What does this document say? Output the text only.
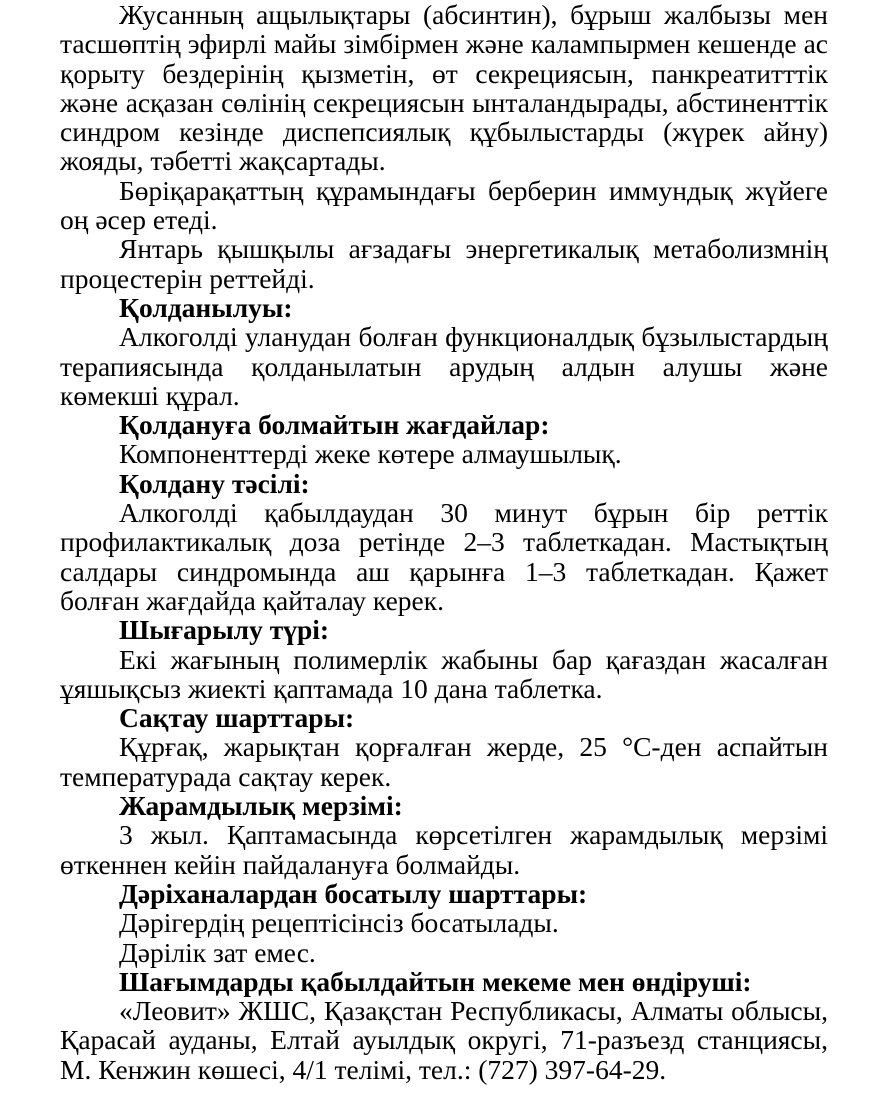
Жусанның ащылықтары (абсинтин), бұрыш жалбызы мен тасшөптің эфирлі майы зімбірмен және калампырмен кешенде ас қорыту бездерінің қызметін, өт секрециясын, панкреатитттік және асқазан сөлінің секрециясын ынталандырады, абстиненттік синдром кезінде диспепсиялық құбылыстарды (жүрек айну) жояды, тәбетті жақсартады.

Бөріқарақаттың құрамындағы берберин иммундық жүйеге оң әсер етеді.

Янтарь қышқылы ағзадағы энергетикалық метаболизмнің процестерін реттейді.

Қолданылуы:

Алкоголді уланудан болған функционалдық бұзылыстардың терапиясында қолданылатын арудың алдын алушы және көмекші құрал.

Қолдануға болмайтын жағдайлар:

Компоненттерді жеке көтере алмаушылық.

Қолдану тәсілі:

Алкоголді қабылдаудан 30 минут бұрын бір реттік профилактикалық доза ретінде 2–3 таблеткадан. Мастықтың салдары синдромында аш қарынға 1–3 таблеткадан. Қажет болған жағдайда қайталау керек.

Шығарылу түрі:

Екі жағының полимерлік жабыны бар қағаздан жасалған ұяшықсыз жиекті қаптамада 10 дана таблетка.

Сақтау шарттары:

Құрғақ, жарықтан қорғалған жерде, 25 °С-ден аспайтын температурада сақтау керек.

Жарамдылық мерзімі:

3 жыл. Қаптамасында көрсетілген жарамдылық мерзімі өткеннен кейін пайдалануға болмайды.

Дәріханалардан босатылу шарттары:

Дәрігердің рецептісінсіз босатылады.

Дәрілік зат емес.

Шағымдарды қабылдайтын мекеме мен өндіруші:

«Леовит» ЖШС, Қазақстан Республикасы, Алматы облысы, Қарасай ауданы, Елтай ауылдық округі, 71-разъезд станциясы, М. Кенжин көшесі, 4/1 телімі, тел.: (727) 397-64-29.
